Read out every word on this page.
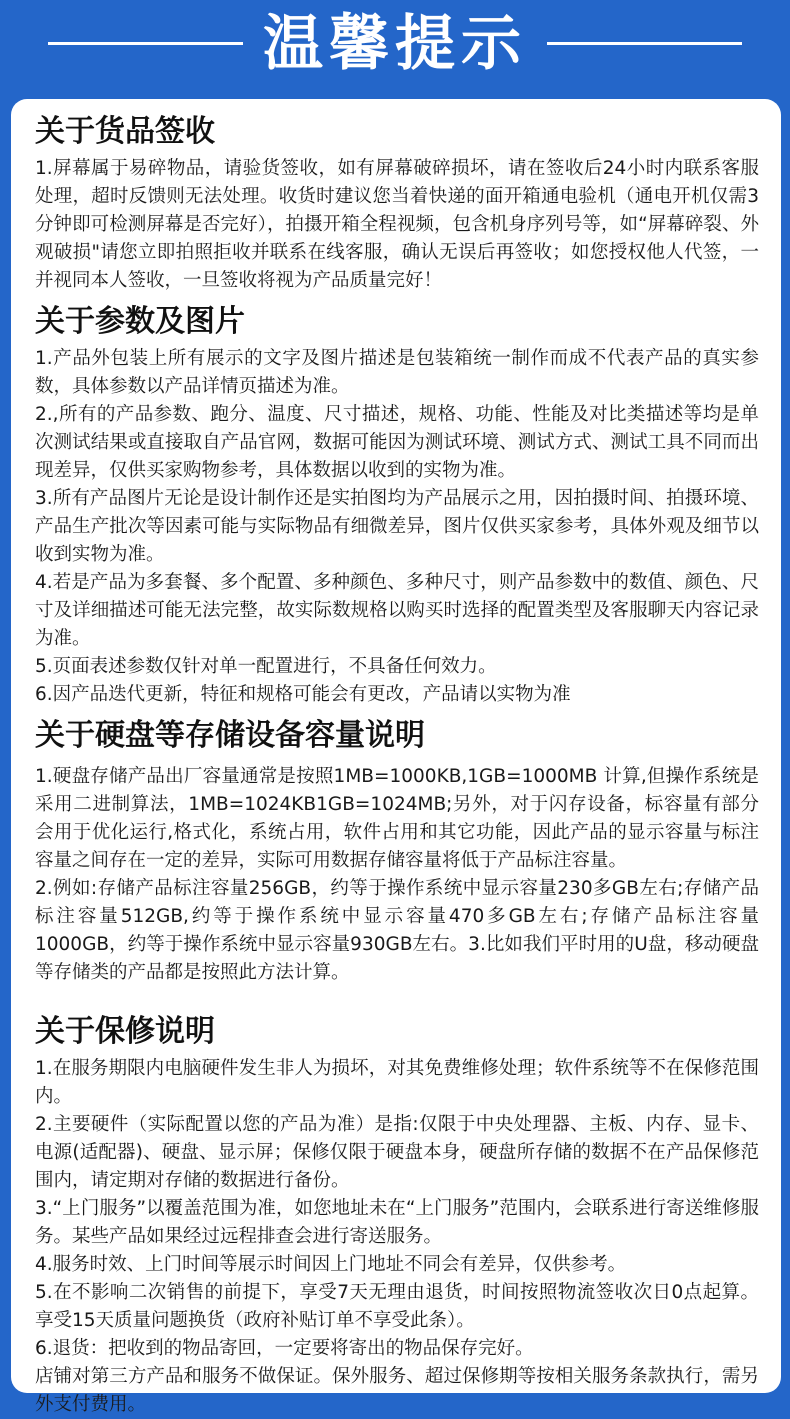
温馨提示
关于货品签收

1.屏幕属于易碎物品，请验货签收，如有屏幕破碎损坏，请在签收后24小时内联系客服处理，超时反馈则无法处理。收货时建议您当着快递的面开箱通电验机（通电开机仅需3分钟即可检测屏幕是否完好），拍摄开箱全程视频，包含机身序列号等，如“屏幕碎裂、外观破损"请您立即拍照拒收并联系在线客服，确认无误后再签收；如您授权他人代签，一并视同本人签收，一旦签收将视为产品质量完好！

关于参数及图片

1.产品外包装上所有展示的文字及图片描述是包装箱统一制作而成不代表产品的真实参数，具体参数以产品详情页描述为准。

2.,所有的产品参数、跑分、温度、尺寸描述，规格、功能、性能及对比类描述等均是单次测试结果或直接取自产品官网，数据可能因为测试环境、测试方式、测试工具不同而出现差异，仅供买家购物参考，具体数据以收到的实物为准。

3.所有产品图片无论是设计制作还是实拍图均为产品展示之用，因拍摄时间、拍摄环境、产品生产批次等因素可能与实际物品有细微差异，图片仅供买家参考，具体外观及细节以收到实物为准。

4.若是产品为多套餐、多个配置、多种颜色、多种尺寸，则产品参数中的数值、颜色、尺寸及详细描述可能无法完整，故实际数规格以购买时选择的配置类型及客服聊天内容记录为准。

5.页面表述参数仅针对单一配置进行，不具备任何效力。

6.因产品迭代更新，特征和规格可能会有更改，产品请以实物为准

关于硬盘等存储设备容量说明

1.硬盘存储产品出厂容量通常是按照1MB=1000KB,1GB=1000MB 计算,但操作系统是采用二进制算法，1MB=1024KB1GB=1024MB;另外，对于闪存设备，标容量有部分会用于优化运行,格式化，系统占用，软件占用和其它功能，因此产品的显示容量与标注容量之间存在一定的差异，实际可用数据存储容量将低于产品标注容量。

2.例如:存储产品标注容量256GB，约等于操作系统中显示容量230多GB左右;存储产品标注容量512GB,约等于操作系统中显示容量470多GB左右;存储产品标注容量1000GB，约等于操作系统中显示容量930GB左右。3.比如我们平时用的U盘，移动硬盘等存储类的产品都是按照此方法计算。

关于保修说明

1.在服务期限内电脑硬件发生非人为损坏，对其免费维修处理；软件系统等不在保修范围内。

2.主要硬件（实际配置以您的产品为准）是指:仅限于中央处理器、主板、内存、显卡、电源(适配器)、硬盘、显示屏；保修仅限于硬盘本身，硬盘所存储的数据不在产品保修范围内，请定期对存储的数据进行备份。

3.“上门服务”以覆盖范围为准，如您地址未在“上门服务”范围内，会联系进行寄送维修服务。某些产品如果经过远程排查会进行寄送服务。

4.服务时效、上门时间等展示时间因上门地址不同会有差异，仅供参考。

5.在不影响二次销售的前提下，享受7天无理由退货，时间按照物流签收次日0点起算。享受15天质量问题换货（政府补贴订单不享受此条）。

6.退货：把收到的物品寄回，一定要将寄出的物品保存完好。

店铺对第三方产品和服务不做保证。保外服务、超过保修期等按相关服务条款执行，需另外支付费用。
